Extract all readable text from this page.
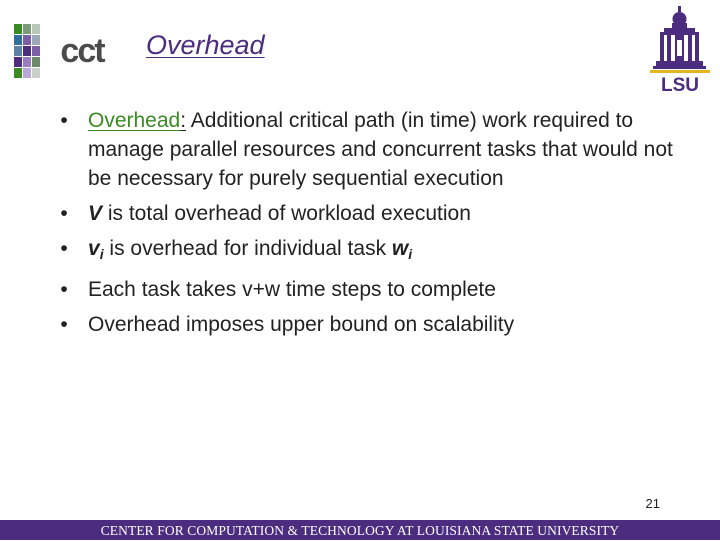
cct Overhead
LSU
• Overhead: Additional critical path (in time) work required to manage parallel resources and concurrent tasks that would not be necessary for purely sequential execution
• V is total overhead of workload execution
• $v_i$ is overhead for individual task $w_i$
• Each task takes v+w time steps to complete
• Overhead imposes upper bound on scalability
21
CENTER FOR COMPUTATION & TECHNOLOGY AT LOUISIANA STATE UNIVERSITY
